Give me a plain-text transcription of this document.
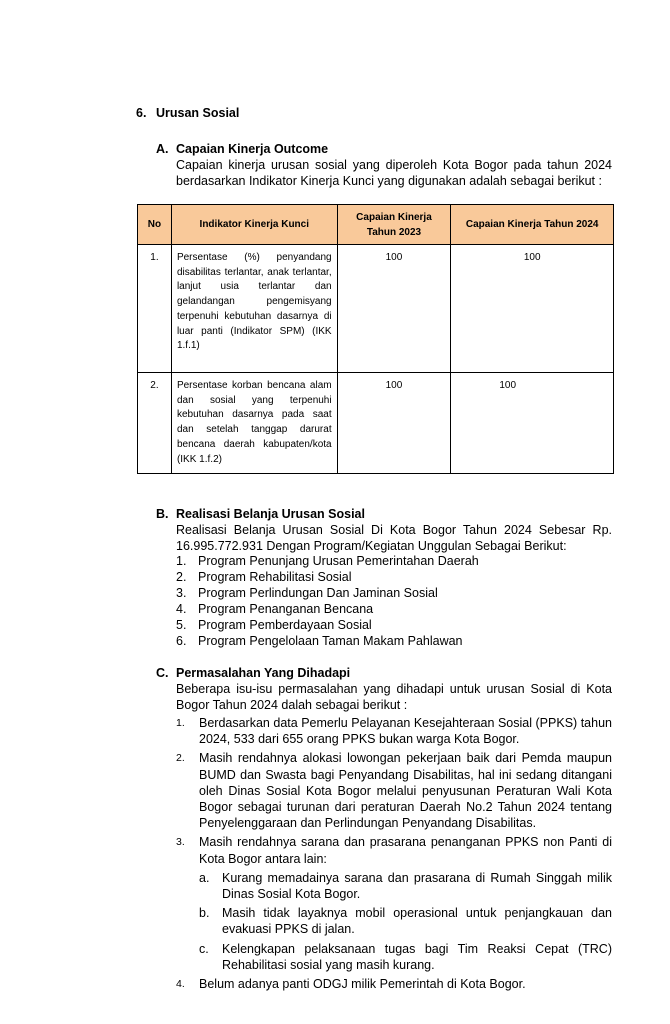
6. Urusan Sosial
A. Capaian Kinerja Outcome
Capaian kinerja urusan sosial yang diperoleh Kota Bogor pada tahun 2024 berdasarkan Indikator Kinerja Kunci yang digunakan adalah sebagai berikut :
No	Indikator Kinerja Kunci	Capaian Kinerja Tahun 2023	Capaian Kinerja Tahun 2024
1.	Persentase (%) penyandang disabilitas terlantar, anak terlantar, lanjut usia terlantar dan gelandangan pengemisyang terpenuhi kebutuhan dasarnya di luar panti (Indikator SPM) (IKK 1.f.1)	100	100
2.	Persentase korban bencana alam dan sosial yang terpenuhi kebutuhan dasarnya pada saat dan setelah tanggap darurat bencana daerah kabupaten/kota (IKK 1.f.2)	100	100
B. Realisasi Belanja Urusan Sosial
Realisasi Belanja Urusan Sosial Di Kota Bogor Tahun 2024 Sebesar Rp. 16.995.772.931 Dengan Program/Kegiatan Unggulan Sebagai Berikut:
1. Program Penunjang Urusan Pemerintahan Daerah
2. Program Rehabilitasi Sosial
3. Program Perlindungan Dan Jaminan Sosial
4. Program Penanganan Bencana
5. Program Pemberdayaan Sosial
6. Program Pengelolaan Taman Makam Pahlawan
C. Permasalahan Yang Dihadapi
Beberapa isu-isu permasalahan yang dihadapi untuk urusan Sosial di Kota Bogor Tahun 2024 dalah sebagai berikut :
1.	Berdasarkan data Pemerlu Pelayanan Kesejahteraan Sosial (PPKS) tahun 2024, 533 dari 655 orang PPKS bukan warga Kota Bogor.
2.	Masih rendahnya alokasi lowongan pekerjaan baik dari Pemda maupun BUMD dan Swasta bagi Penyandang Disabilitas, hal ini sedang ditangani oleh Dinas Sosial Kota Bogor melalui penyusunan Peraturan Wali Kota Bogor sebagai turunan dari peraturan Daerah No.2 Tahun 2024 tentang Penyelenggaraan dan Perlindungan Penyandang Disabilitas.
3.	Masih rendahnya sarana dan prasarana penanganan PPKS non Panti di Kota Bogor antara lain:
a.	Kurang memadainya sarana dan prasarana di Rumah Singgah milik Dinas Sosial Kota Bogor.
b.	Masih tidak layaknya mobil operasional untuk penjangkauan dan evakuasi PPKS di jalan.
c.	Kelengkapan pelaksanaan tugas bagi Tim Reaksi Cepat (TRC) Rehabilitasi sosial yang masih kurang.
4.	Belum adanya panti ODGJ milik Pemerintah di Kota Bogor.
